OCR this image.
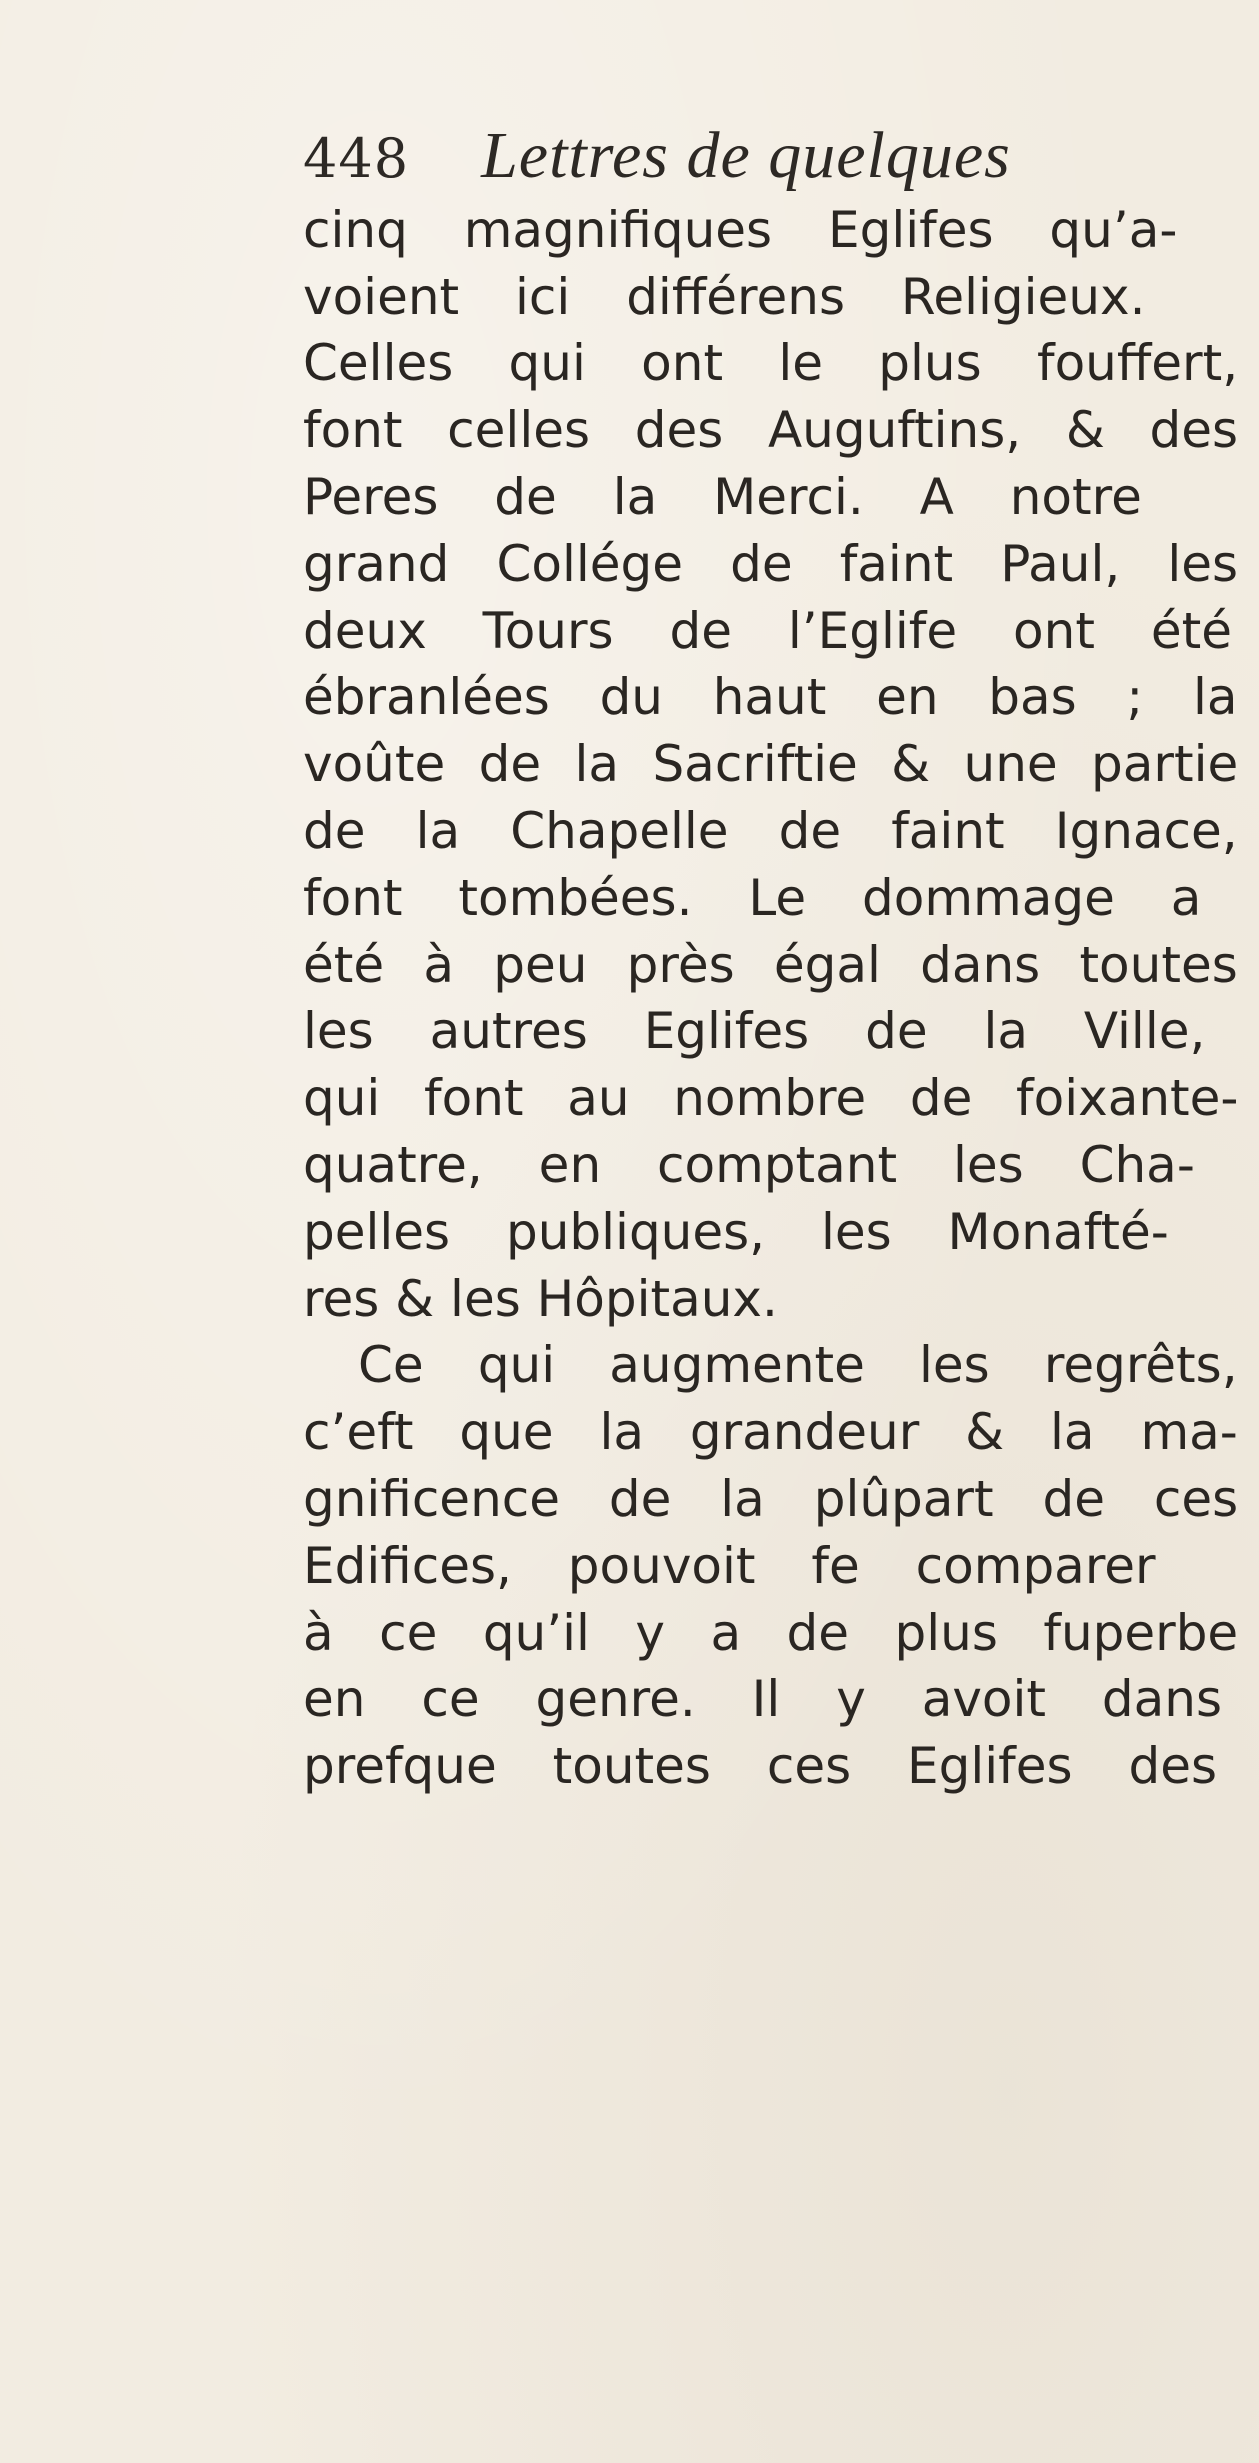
448 Lettres de quelques
cinq magnifiques Eglifes qu’a-
voient ici différens Religieux.
Celles qui ont le plus fouffert,
font celles des Auguftins, & des
Peres de la Merci. A notre
grand Collége de faint Paul, les
deux Tours de l’Eglife ont été
ébranlées du haut en bas ; la
voûte de la Sacriftie & une partie
de la Chapelle de faint Ignace,
font tombées. Le dommage a
été à peu près égal dans toutes
les autres Eglifes de la Ville,
qui font au nombre de foixante-
quatre, en comptant les Cha-
pelles publiques, les Monafté-
res & les Hôpitaux.
Ce qui augmente les regrêts,
c’eft que la grandeur & la ma-
gnificence de la plûpart de ces
Edifices, pouvoit fe comparer
à ce qu’il y a de plus fuperbe
en ce genre. Il y avoit dans
prefque toutes ces Eglifes des
